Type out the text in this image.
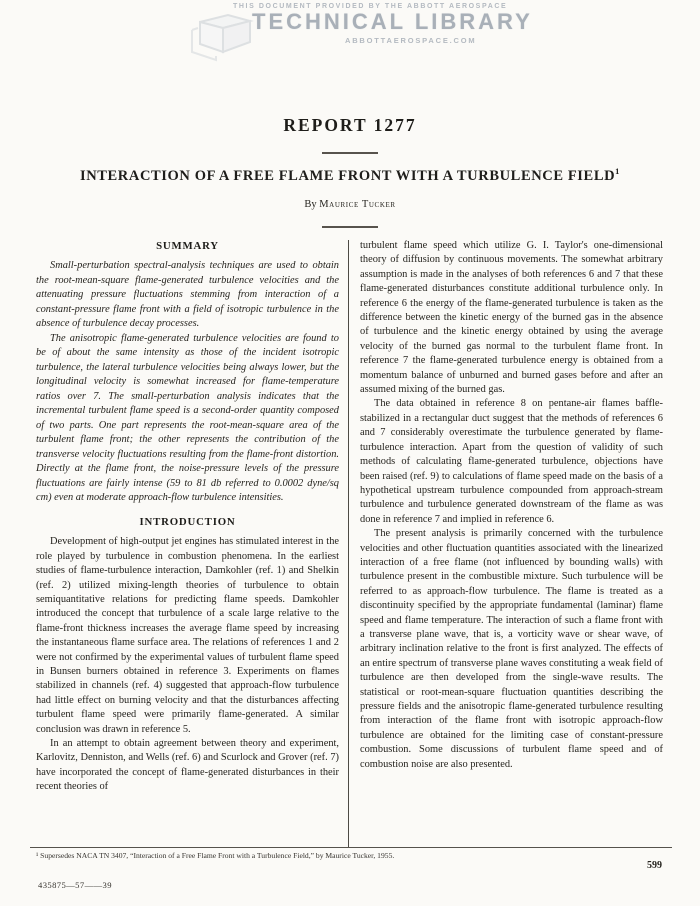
THIS DOCUMENT PROVIDED BY THE ABBOTT AEROSPACE
TECHNICAL LIBRARY
ABBOTTAEROSPACE.COM
REPORT 1277
INTERACTION OF A FREE FLAME FRONT WITH A TURBULENCE FIELD$^1$
By Maurice Tucker
SUMMARY

Small-perturbation spectral-analysis techniques are used to obtain the root-mean-square flame-generated turbulence velocities and the attenuating pressure fluctuations stemming from interaction of a constant-pressure flame front with a field of isotropic turbulence in the absence of turbulence decay processes.

The anisotropic flame-generated turbulence velocities are found to be of about the same intensity as those of the incident isotropic turbulence, the lateral turbulence velocities being always lower, but the longitudinal velocity is somewhat increased for flame-temperature ratios over 7. The small-perturbation analysis indicates that the incremental turbulent flame speed is a second-order quantity composed of two parts. One part represents the root-mean-square area of the turbulent flame front; the other represents the contribution of the transverse velocity fluctuations resulting from the flame-front distortion. Directly at the flame front, the noise-pressure levels of the pressure fluctuations are fairly intense (59 to 81 db referred to 0.0002 dyne/sq cm) even at moderate approach-flow turbulence intensities.

INTRODUCTION

Development of high-output jet engines has stimulated interest in the role played by turbulence in combustion phenomena. In the earliest studies of flame-turbulence interaction, Damkohler (ref. 1) and Shelkin (ref. 2) utilized mixing-length theories of turbulence to obtain semiquantitative relations for predicting flame speeds. Damkohler introduced the concept that turbulence of a scale large relative to the flame-front thickness increases the average flame speed by increasing the instantaneous flame surface area. The relations of references 1 and 2 were not confirmed by the experimental values of turbulent flame speed in Bunsen burners obtained in reference 3. Experiments on flames stabilized in channels (ref. 4) suggested that approach-flow turbulence had little effect on burning velocity and that the disturbances affecting turbulent flame speed were primarily flame-generated. A similar conclusion was drawn in reference 5.

In an attempt to obtain agreement between theory and experiment, Karlovitz, Denniston, and Wells (ref. 6) and Scurlock and Grover (ref. 7) have incorporated the concept of flame-generated disturbances in their recent theories of

turbulent flame speed which utilize G. I. Taylor's one-dimensional theory of diffusion by continuous movements. The somewhat arbitrary assumption is made in the analyses of both references 6 and 7 that these flame-generated disturbances constitute additional turbulence only. In reference 6 the energy of the flame-generated turbulence is taken as the difference between the kinetic energy of the burned gas in the absence of turbulence and the kinetic energy obtained by using the average velocity of the burned gas normal to the turbulent flame front. In reference 7 the flame-generated turbulence energy is obtained from a momentum balance of unburned and burned gases before and after an assumed mixing of the burned gas.

The data obtained in reference 8 on pentane-air flames baffle-stabilized in a rectangular duct suggest that the methods of references 6 and 7 considerably overestimate the turbulence generated by flame-turbulence interaction. Apart from the question of validity of such methods of calculating flame-generated turbulence, objections have been raised (ref. 9) to calculations of flame speed made on the basis of a hypothetical upstream turbulence compounded from approach-stream turbulence and turbulence generated downstream of the flame as was done in reference 7 and implied in reference 6.

The present analysis is primarily concerned with the turbulence velocities and other fluctuation quantities associated with the linearized interaction of a free flame (not influenced by bounding walls) with turbulence present in the combustible mixture. Such turbulence will be referred to as approach-flow turbulence. The flame is treated as a discontinuity specified by the appropriate fundamental (laminar) flame speed and flame temperature. The interaction of such a flame front with a transverse plane wave, that is, a vorticity wave or shear wave, of arbitrary inclination relative to the front is first analyzed. The effects of an entire spectrum of transverse plane waves constituting a weak field of turbulence are then developed from the single-wave results. The statistical or root-mean-square fluctuation quantities describing the pressure fields and the anisotropic flame-generated turbulence resulting from interaction of the flame front with isotropic approach-flow turbulence are obtained for the limiting case of constant-pressure combustion. Some discussions of turbulent flame speed and of combustion noise are also presented.

¹ Supersedes NACA TN 3407, “Interaction of a Free Flame Front with a Turbulence Field,” by Maurice Tucker, 1955.
599
435875—57——39
